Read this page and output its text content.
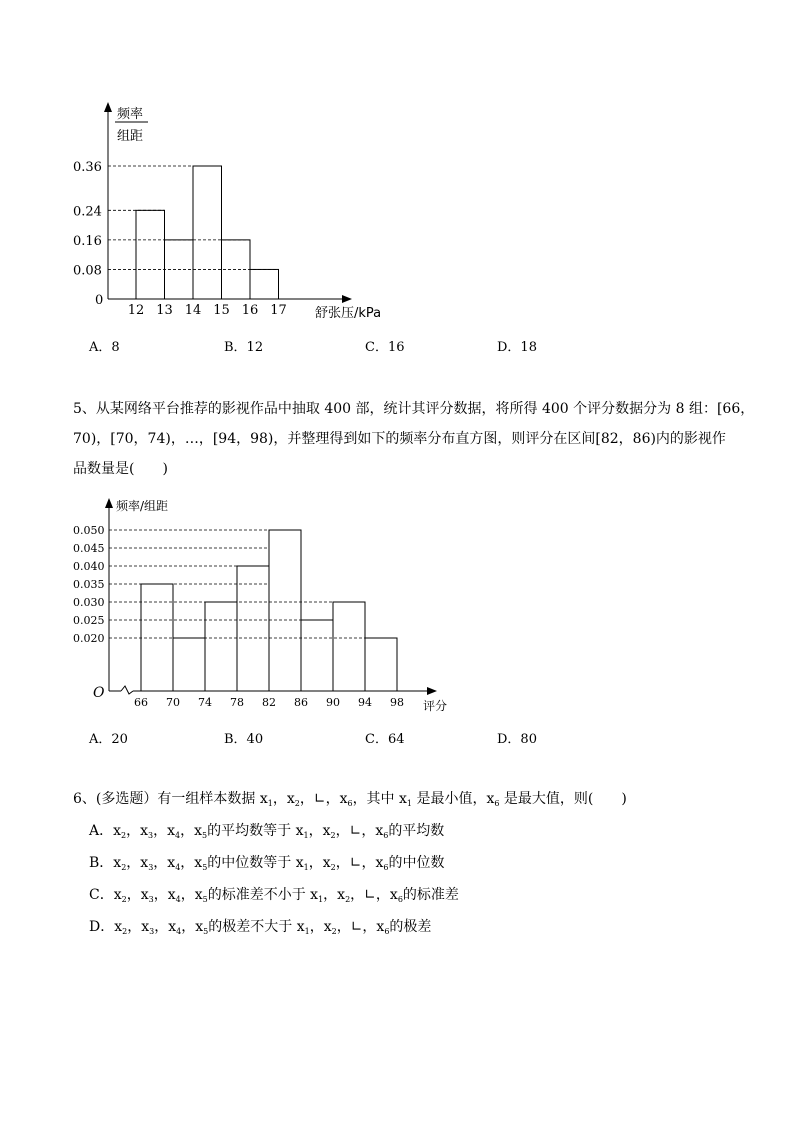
频率
组距
0.36
0.24
0.16
0.08
12 13 14 15 16 17
0
舒张压/kPa
A．8	B．12	C．16	D．18
5、从某网络平台推荐的影视作品中抽取 400 部，统计其评分数据，将所得 400 个评分数据分为 8 组：[66，
70)，[70，74)，…，[94，98)，并整理得到如下的频率分布直方图，则评分在区间[82，86)内的影视作
品数量是(　　)
频率/组距
0.050
0.045
0.040
0.035
0.030
0.025
0.020
66 70 74 78 82 86 90 94 98
O
评分
A．20	B．40	C．64	D．80
6、(多选题）有一组样本数据 $x_1$，$x_2$，∟，$x_6$，其中 $x_1$ 是最小值，$x_6$ 是最大值，则(　　)
A．$x_2$，$x_3$，$x_4$，$x_5$的平均数等于 $x_1$，$x_2$，∟，$x_6$的平均数
B．$x_2$，$x_3$，$x_4$，$x_5$的中位数等于 $x_1$，$x_2$，∟，$x_6$的中位数
C．$x_2$，$x_3$，$x_4$，$x_5$的标准差不小于 $x_1$，$x_2$，∟，$x_6$的标准差
D．$x_2$，$x_3$，$x_4$，$x_5$的极差不大于 $x_1$，$x_2$，∟，$x_6$的极差
